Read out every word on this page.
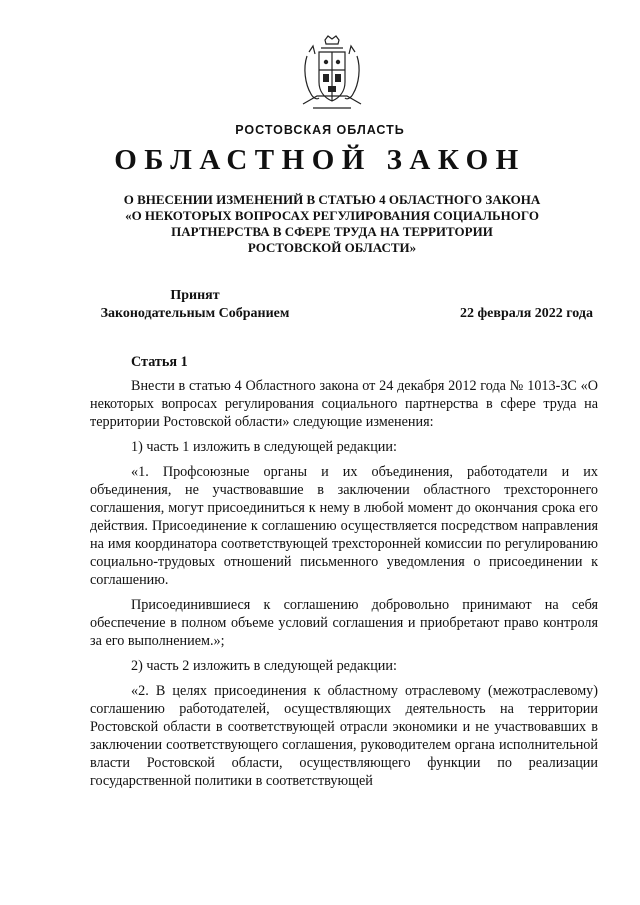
РОСТОВСКАЯ ОБЛАСТЬ
ОБЛАСТНОЙ ЗАКОН
О ВНЕСЕНИИ ИЗМЕНЕНИЙ В СТАТЬЮ 4 ОБЛАСТНОГО ЗАКОНА
«О НЕКОТОРЫХ ВОПРОСАХ РЕГУЛИРОВАНИЯ СОЦИАЛЬНОГО
ПАРТНЕРСТВА В СФЕРЕ ТРУДА НА ТЕРРИТОРИИ
РОСТОВСКОЙ ОБЛАСТИ»
Принят
Законодательным Собранием	22 февраля 2022 года

Статья 1

Внести в статью 4 Областного закона от 24 декабря 2012 года № 1013-ЗС «О некоторых вопросах регулирования социального партнерства в сфере труда на территории Ростовской области» следующие изменения:

1) часть 1 изложить в следующей редакции:

«1. Профсоюзные органы и их объединения, работодатели и их объединения, не участвовавшие в заключении областного трехстороннего соглашения, могут присоединиться к нему в любой момент до окончания срока его действия. Присоединение к соглашению осуществляется посредством направления на имя координатора соответствующей трехсторонней комиссии по регулированию социально-трудовых отношений письменного уведомления о присоединении к соглашению.

Присоединившиеся к соглашению добровольно принимают на себя обеспечение в полном объеме условий соглашения и приобретают право контроля за его выполнением.»;

2) часть 2 изложить в следующей редакции:

«2. В целях присоединения к областному отраслевому (межотраслевому) соглашению работодателей, осуществляющих деятельность на территории Ростовской области в соответствующей отрасли экономики и не участвовавших в заключении соответствующего соглашения, руководителем органа исполнительной власти Ростовской области, осуществляющего функции по реализации государственной политики в соответствующей
